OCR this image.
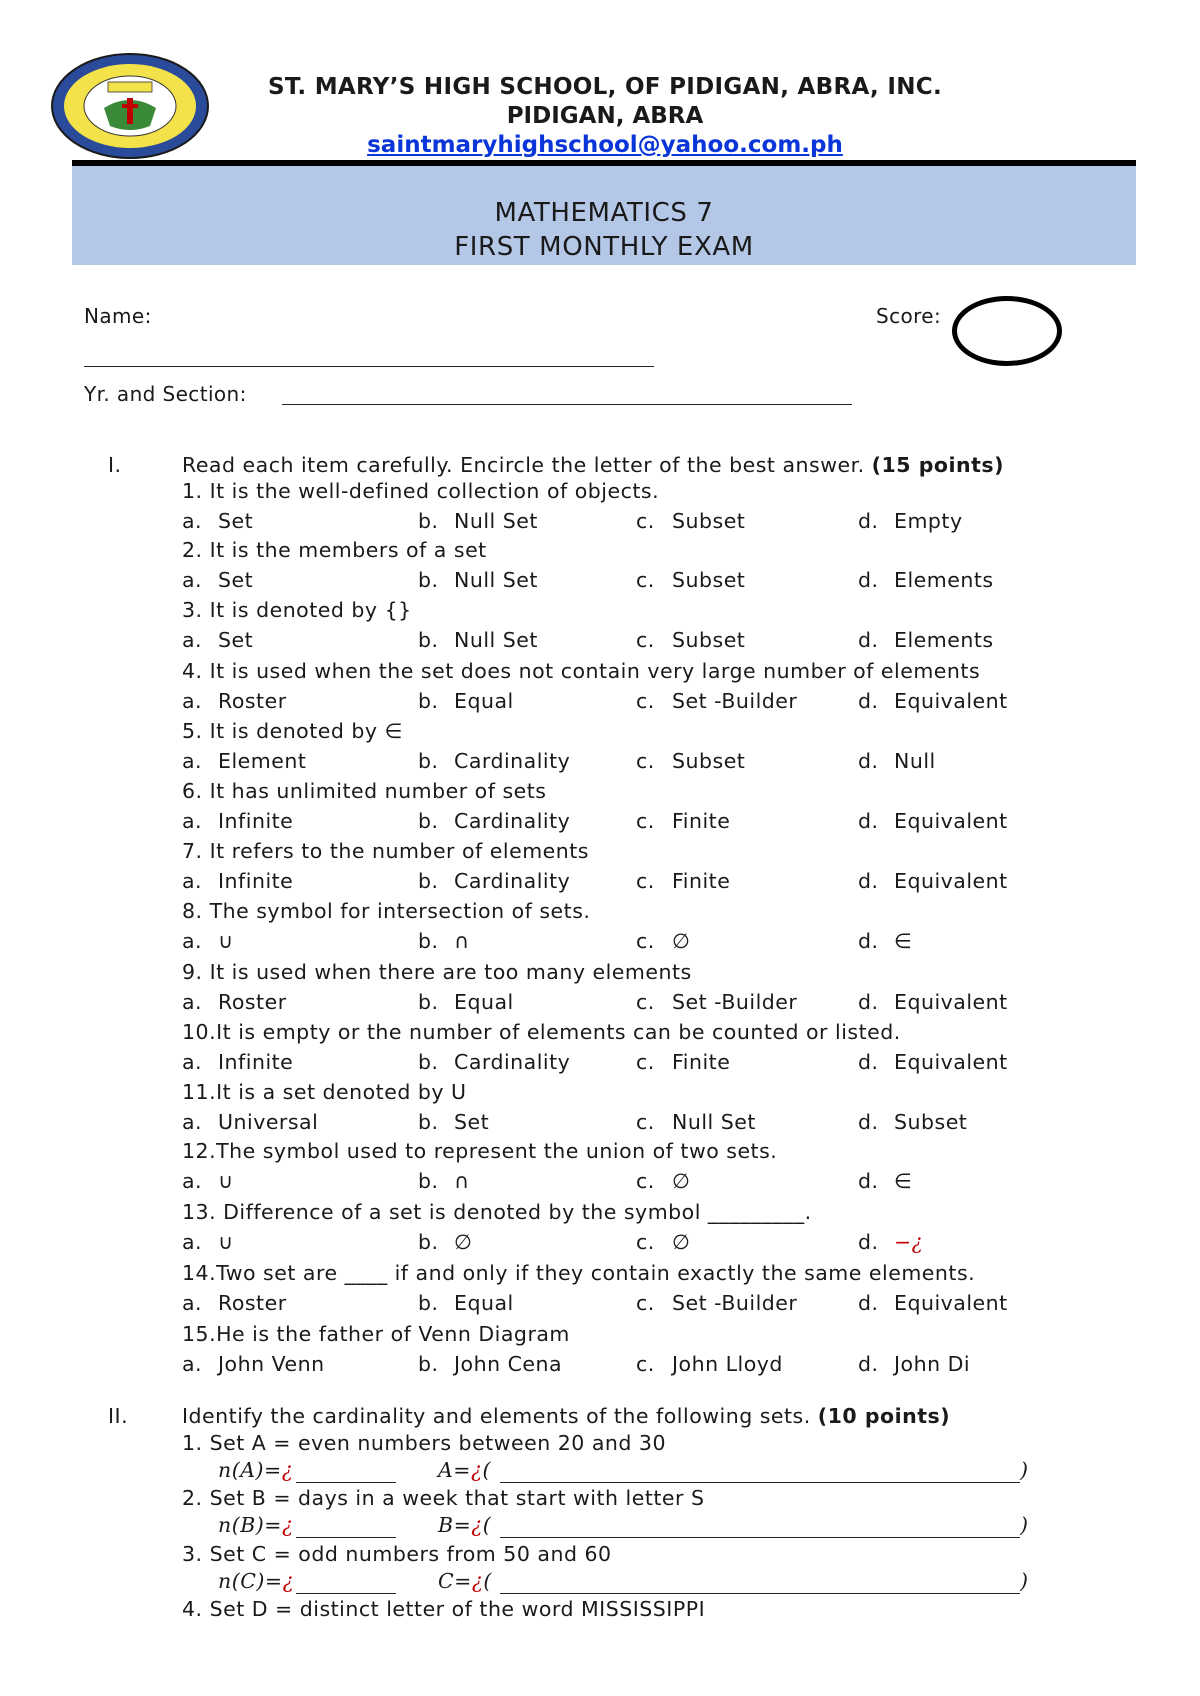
ST. MARY’S HIGH SCHOOL, OF PIDIGAN, ABRA, INC.
PIDIGAN, ABRA
saintmaryhighschool@yahoo.com.ph
MATHEMATICS 7
FIRST MONTHLY EXAM
Name:	Score:
Yr. and Section:
I.	Read each item carefully. Encircle the letter of the best answer. (15 points)
1. It is the well-defined collection of objects.
a. Set	b. Null Set	c. Subset	d. Empty
2. It is the members of a set
a. Set	b. Null Set	c. Subset	d. Elements
3. It is denoted by {}
a. Set	b. Null Set	c. Subset	d. Elements
4. It is used when the set does not contain very large number of elements
a. Roster	b. Equal	c. Set -Builder	d. Equivalent
5. It is denoted by ∈
a. Element	b. Cardinality	c. Subset	d. Null
6. It has unlimited number of sets
a. Infinite	b. Cardinality	c. Finite	d. Equivalent
7. It refers to the number of elements
a. Infinite	b. Cardinality	c. Finite	d. Equivalent
8. The symbol for intersection of sets.
a. ∪	b. ∩	c. ∅	d. ∈
9. It is used when there are too many elements
a. Roster	b. Equal	c. Set -Builder	d. Equivalent
10.It is empty or the number of elements can be counted or listed.
a. Infinite	b. Cardinality	c. Finite	d. Equivalent
11.It is a set denoted by U
a. Universal	b. Set	c. Null Set	d. Subset
12.The symbol used to represent the union of two sets.
a. ∪	b. ∩	c. ∅	d. ∈
13. Difference of a set is denoted by the symbol _________.
a. ∪	b. ∅	c. ∅	d. −¿
14.Two set are ____ if and only if they contain exactly the same elements.
a. Roster	b. Equal	c. Set -Builder	d. Equivalent
15.He is the father of Venn Diagram
a. John Venn	b. John Cena	c. John Lloyd	d. John Di
II.	Identify the cardinality and elements of the following sets. (10 points)
1. Set A = even numbers between 20 and 30
n(A)=¿	A=¿(	)
2. Set B = days in a week that start with letter S
n(B)=¿	B=¿(	)
3. Set C = odd numbers from 50 and 60
n(C)=¿	C=¿(	)
4. Set D = distinct letter of the word MISSISSIPPI
